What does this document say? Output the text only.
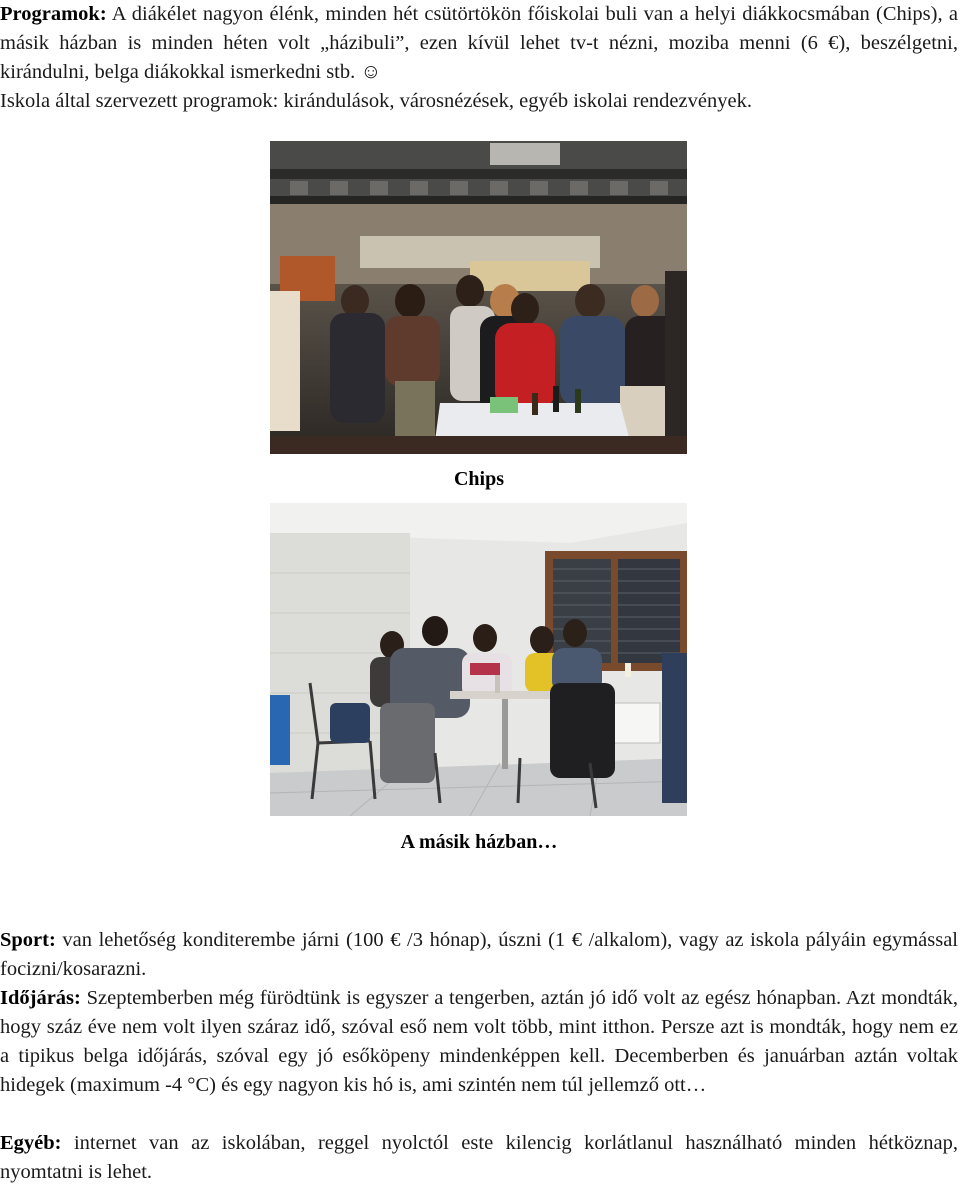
Programok: A diákélet nagyon élénk, minden hét csütörtökön főiskolai buli van a helyi diákkocsmában (Chips), a másik házban is minden héten volt „házibuli”, ezen kívül lehet tv-t nézni, moziba menni (6 €), beszélgetni, kirándulni, belga diákokkal ismerkedni stb. ☺
Iskola által szervezett programok: kirándulások, városnézések, egyéb iskolai rendezvények.

Chips
A másik házban…

Sport: van lehetőség konditerembe járni (100 € /3 hónap), úszni (1 € /alkalom), vagy az iskola pályáin egymással focizni/kosarazni.

Időjárás: Szeptemberben még fürödtünk is egyszer a tengerben, aztán jó idő volt az egész hónapban. Azt mondták, hogy száz éve nem volt ilyen száraz idő, szóval eső nem volt több, mint itthon. Persze azt is mondták, hogy nem ez a tipikus belga időjárás, szóval egy jó esőköpeny mindenképpen kell. Decemberben és januárban aztán voltak hidegek (maximum -4 °C) és egy nagyon kis hó is, ami szintén nem túl jellemző ott…

Egyéb: internet van az iskolában, reggel nyolctól este kilencig korlátlanul használható minden hétköznap, nyomtatni is lehet.
